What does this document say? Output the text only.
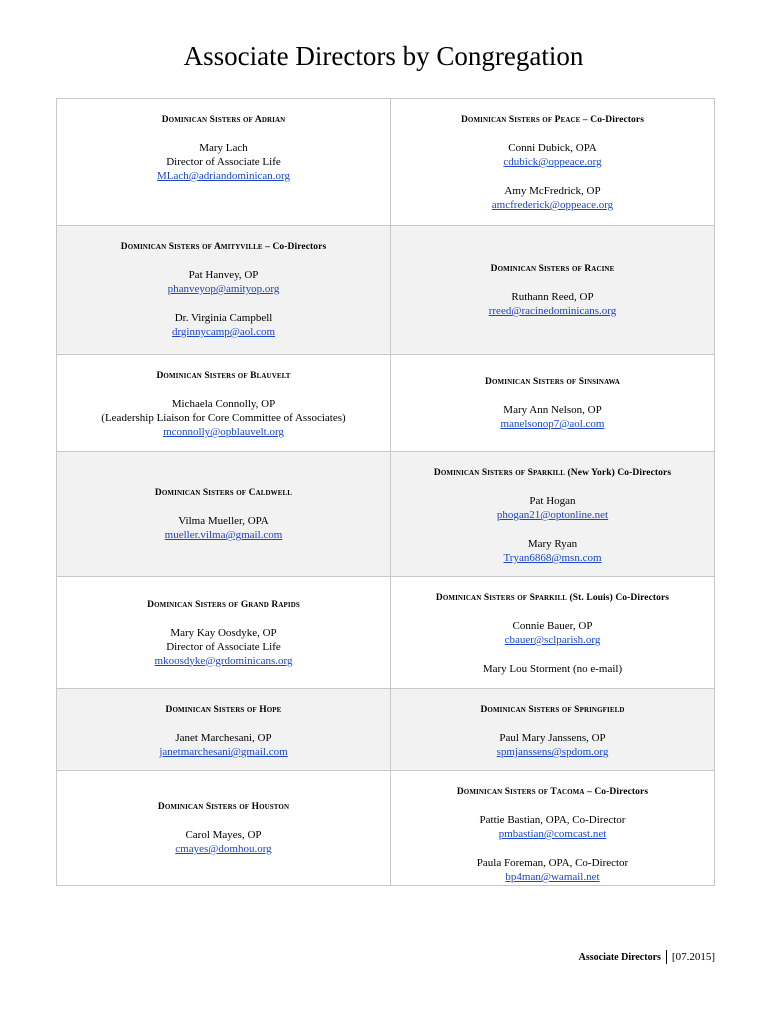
Associate Directors by Congregation
Dominican Sisters of Adrian
Mary Lach
Director of Associate Life
MLach@adriandominican.org
Dominican Sisters of Peace – Co-Directors
Conni Dubick, OPA
cdubick@oppeace.org
Amy McFredrick, OP
amcfrederick@oppeace.org
Dominican Sisters of Amityville – Co-Directors
Pat Hanvey, OP
phanveyop@amityop.org
Dr. Virginia Campbell
drginnycamp@aol.com
Dominican Sisters of Racine
Ruthann Reed, OP
rreed@racinedominicans.org
Dominican Sisters of Blauvelt
Michaela Connolly, OP
(Leadership Liaison for Core Committee of Associates)
mconnolly@opblauvelt.org
Dominican Sisters of Sinsinawa
Mary Ann Nelson, OP
manelsonop7@aol.com
Dominican Sisters of Caldwell
Vilma Mueller, OPA
mueller.vilma@gmail.com
Dominican Sisters of Sparkill (New York) Co-Directors
Pat Hogan
phogan21@optonline.net
Mary Ryan
Tryan6868@msn.com
Dominican Sisters of Grand Rapids
Mary Kay Oosdyke, OP
Director of Associate Life
mkoosdyke@grdominicans.org
Dominican Sisters of Sparkill (St. Louis) Co-Directors
Connie Bauer, OP
cbauer@sclparish.org
Mary Lou Storment (no e-mail)
Dominican Sisters of Hope
Janet Marchesani, OP
janetmarchesani@gmail.com
Dominican Sisters of Springfield
Paul Mary Janssens, OP
spmjanssens@spdom.org
Dominican Sisters of Houston
Carol Mayes, OP
cmayes@domhou.org
Dominican Sisters of Tacoma – Co-Directors
Pattie Bastian, OPA, Co-Director
pmbastian@comcast.net
Paula Foreman, OPA, Co-Director
bp4man@wamail.net
Associate Directors [07.2015]
